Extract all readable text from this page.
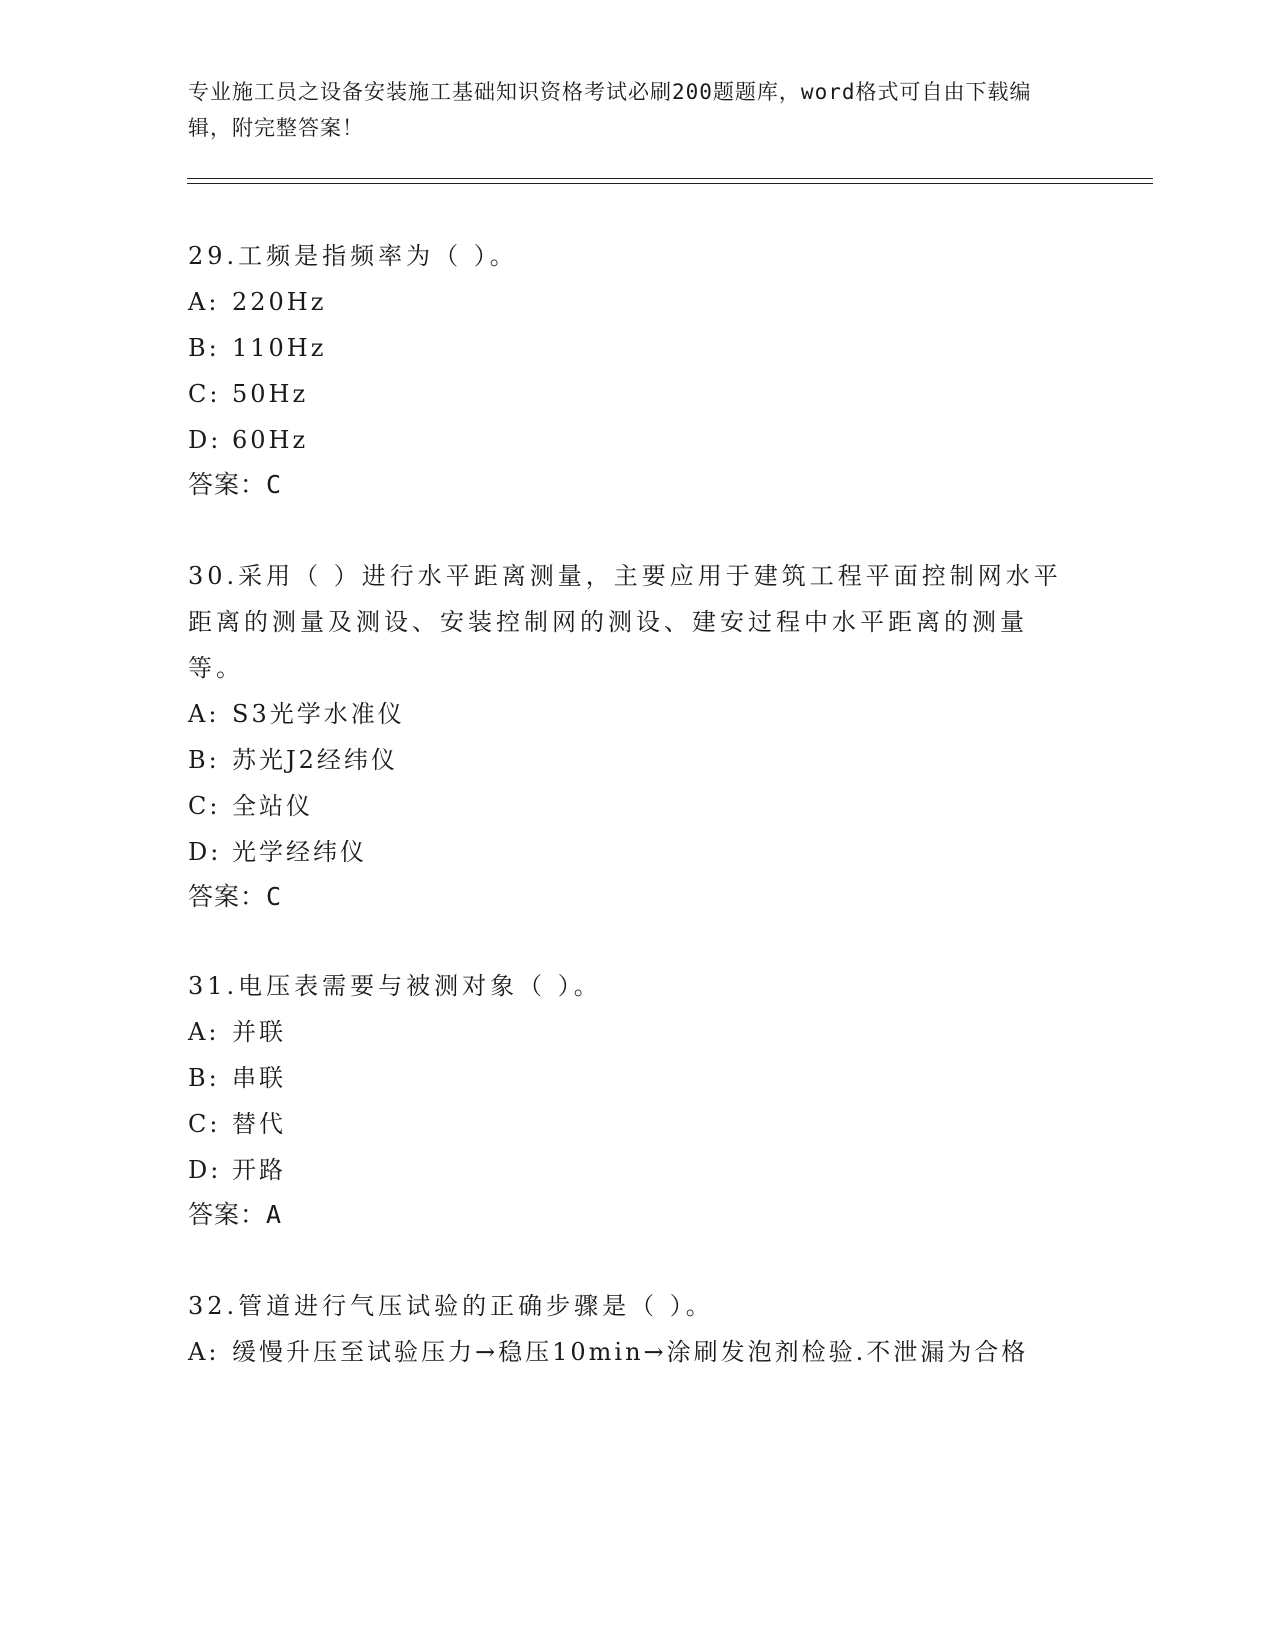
专业施工员之设备安装施工基础知识资格考试必刷200题题库，word格式可自由下载编辑，附完整答案！
29.工频是指频率为（ ）。
A: 220Hz
B: 110Hz
C: 50Hz
D: 60Hz
答案：C
30.采用（ ）进行水平距离测量，主要应用于建筑工程平面控制网水平距离的测量及测设、安装控制网的测设、建安过程中水平距离的测量等。
A: S3光学水准仪
B: 苏光J2经纬仪
C: 全站仪
D: 光学经纬仪
答案：C
31.电压表需要与被测对象（ ）。
A: 并联
B: 串联
C: 替代
D: 开路
答案：A
32.管道进行气压试验的正确步骤是（ ）。
A: 缓慢升压至试验压力→稳压10min→涂刷发泡剂检验.不泄漏为合格
